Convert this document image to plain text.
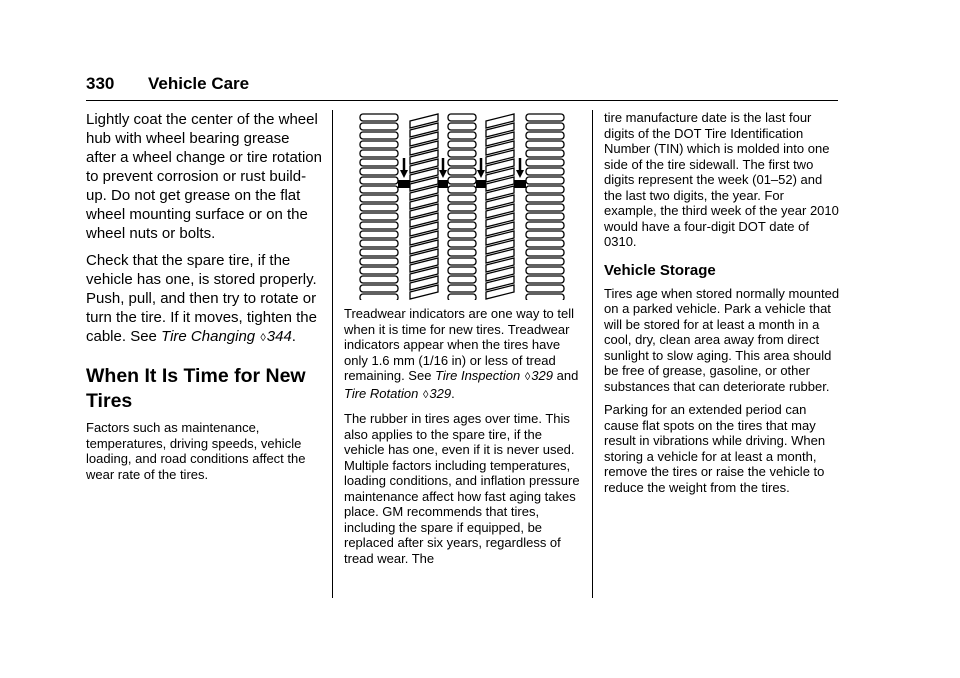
330 Vehicle Care

Lightly coat the center of the wheel hub with wheel bearing grease after a wheel change or tire rotation to prevent corrosion or rust build-up. Do not get grease on the flat wheel mounting surface or on the wheel nuts or bolts.

Check that the spare tire, if the vehicle has one, is stored properly. Push, pull, and then try to rotate or turn the tire. If it moves, tighten the cable. See Tire Changing ◊344.

When It Is Time for New Tires

Factors such as maintenance, temperatures, driving speeds, vehicle loading, and road conditions affect the wear rate of the tires.

Treadwear indicators are one way to tell when it is time for new tires. Treadwear indicators appear when the tires have only 1.6 mm (1/16 in) or less of tread remaining. See Tire Inspection ◊329 and Tire Rotation ◊329.

The rubber in tires ages over time. This also applies to the spare tire, if the vehicle has one, even if it is never used. Multiple factors including temperatures, loading conditions, and inflation pressure maintenance affect how fast aging takes place. GM recommends that tires, including the spare if equipped, be replaced after six years, regardless of tread wear. The

tire manufacture date is the last four digits of the DOT Tire Identification Number (TIN) which is molded into one side of the tire sidewall. The first two digits represent the week (01–52) and the last two digits, the year. For example, the third week of the year 2010 would have a four-digit DOT date of 0310.

Vehicle Storage

Tires age when stored normally mounted on a parked vehicle. Park a vehicle that will be stored for at least a month in a cool, dry, clean area away from direct sunlight to slow aging. This area should be free of grease, gasoline, or other substances that can deteriorate rubber.

Parking for an extended period can cause flat spots on the tires that may result in vibrations while driving. When storing a vehicle for at least a month, remove the tires or raise the vehicle to reduce the weight from the tires.
